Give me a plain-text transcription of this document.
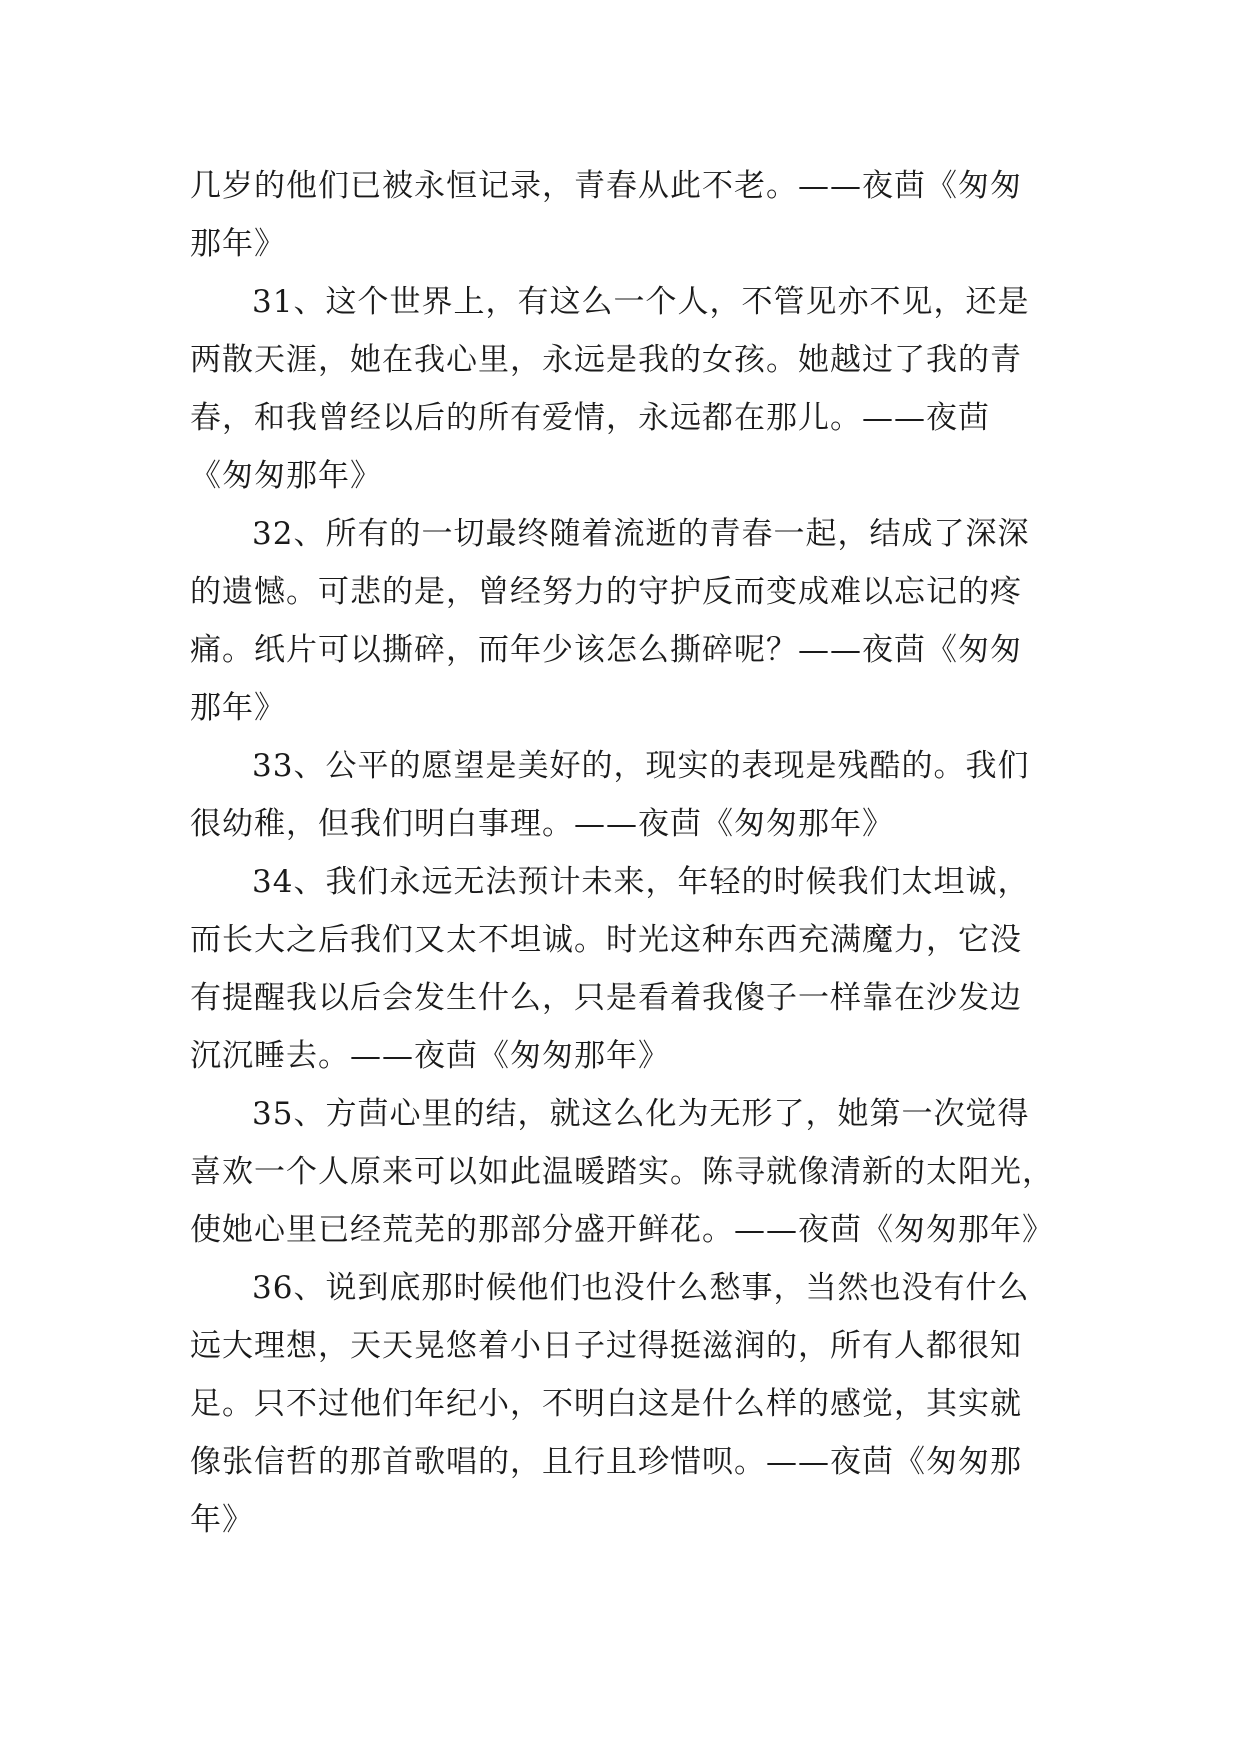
几岁的他们已被永恒记录，青春从此不老。——夜茴《匆匆
那年》

31、这个世界上，有这么一个人，不管见亦不见，还是
两散天涯，她在我心里，永远是我的女孩。她越过了我的青
春，和我曾经以后的所有爱情，永远都在那儿。——夜茴
《匆匆那年》

32、所有的一切最终随着流逝的青春一起，结成了深深
的遗憾。可悲的是，曾经努力的守护反而变成难以忘记的疼
痛。纸片可以撕碎，而年少该怎么撕碎呢？——夜茴《匆匆
那年》

33、公平的愿望是美好的，现实的表现是残酷的。我们
很幼稚，但我们明白事理。——夜茴《匆匆那年》

34、我们永远无法预计未来，年轻的时候我们太坦诚，
而长大之后我们又太不坦诚。时光这种东西充满魔力，它没
有提醒我以后会发生什么，只是看着我傻子一样靠在沙发边
沉沉睡去。——夜茴《匆匆那年》

35、方茴心里的结，就这么化为无形了，她第一次觉得
喜欢一个人原来可以如此温暖踏实。陈寻就像清新的太阳光，
使她心里已经荒芜的那部分盛开鲜花。——夜茴《匆匆那年》

36、说到底那时候他们也没什么愁事，当然也没有什么
远大理想，天天晃悠着小日子过得挺滋润的，所有人都很知
足。只不过他们年纪小，不明白这是什么样的感觉，其实就
像张信哲的那首歌唱的，且行且珍惜呗。——夜茴《匆匆那
年》
